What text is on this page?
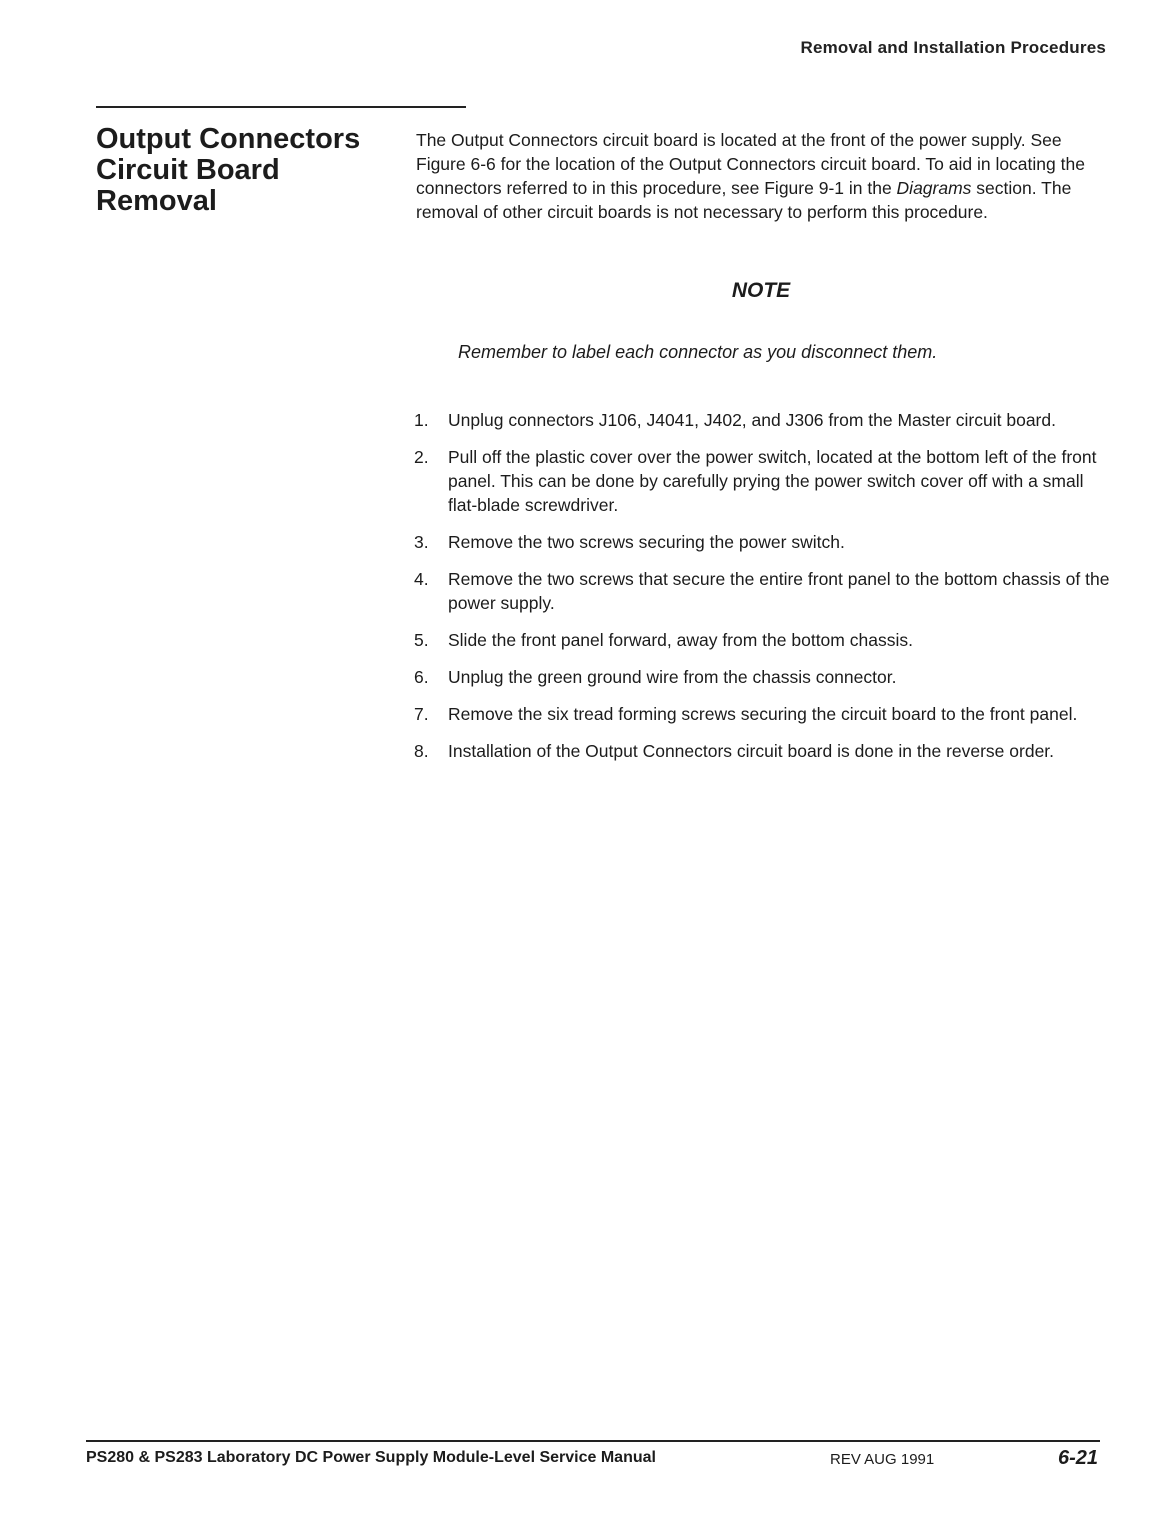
Removal and Installation Procedures
Output Connectors
Circuit Board
Removal
The Output Connectors circuit board is located at the front of the power supply. See Figure 6-6 for the location of the Output Connectors circuit board. To aid in locating the connectors referred to in this procedure, see Figure 9-1 in the Diagrams section. The removal of other circuit boards is not necessary to perform this procedure.
NOTE
Remember to label each connector as you disconnect them.
1.	Unplug connectors J106, J4041, J402, and J306 from the Master circuit board.
2.	Pull off the plastic cover over the power switch, located at the bottom left of the front panel. This can be done by carefully prying the power switch cover off with a small flat-blade screwdriver.
3.	Remove the two screws securing the power switch.
4.	Remove the two screws that secure the entire front panel to the bottom chassis of the power supply.
5.	Slide the front panel forward, away from the bottom chassis.
6.	Unplug the green ground wire from the chassis connector.
7.	Remove the six tread forming screws securing the circuit board to the front panel.
8.	Installation of the Output Connectors circuit board is done in the reverse order.
PS280 & PS283 Laboratory DC Power Supply Module-Level Service Manual	REV AUG 1991	6-21
